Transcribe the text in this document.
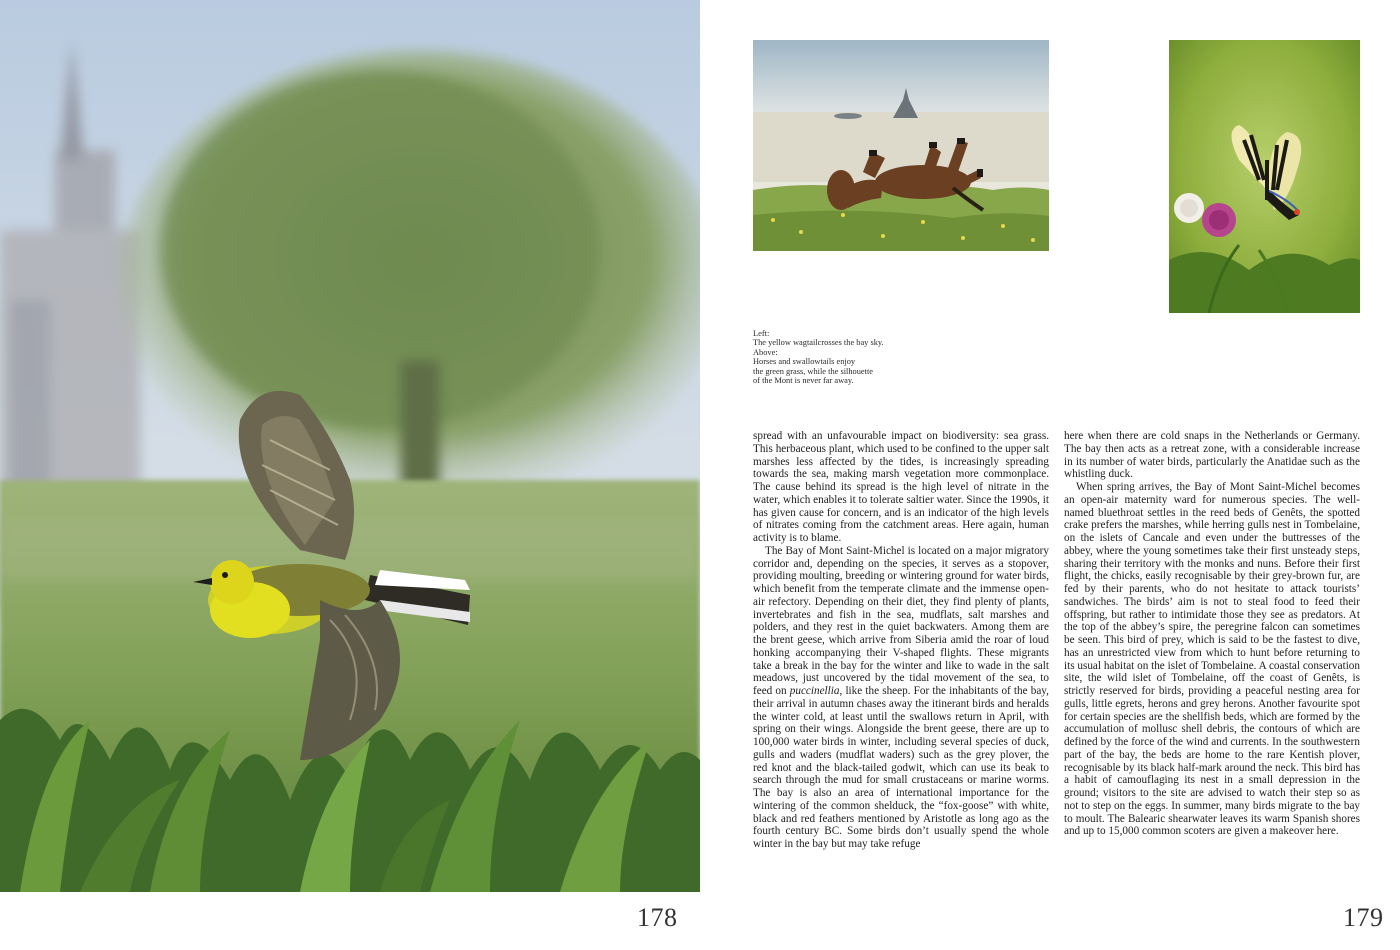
Left:
The yellow wagtailcrosses the bay sky.
Above:
Horses and swallowtails enjoy
the green grass, while the silhouette
of the Mont is never far away.

spread with an unfavourable impact on biodiversity: sea grass. This herbaceous plant, which used to be confined to the upper salt marshes less affected by the tides, is increasingly spreading towards the sea, making marsh vegetation more commonplace. The cause behind its spread is the high level of nitrate in the water, which enables it to tolerate saltier water. Since the 1990s, it has given cause for concern, and is an indicator of the high levels of nitrates coming from the catchment areas. Here again, human activity is to blame.

The Bay of Mont Saint-Michel is located on a major migratory corridor and, depending on the species, it serves as a stopover, providing moulting, breeding or wintering ground for water birds, which benefit from the temperate climate and the immense open-air refectory. Depending on their diet, they find plenty of plants, invertebrates and fish in the sea, mudflats, salt marshes and polders, and they rest in the quiet backwaters. Among them are the brent geese, which arrive from Siberia amid the roar of loud honking accompanying their V-shaped flights. These migrants take a break in the bay for the winter and like to wade in the salt meadows, just uncovered by the tidal movement of the sea, to feed on puccinellia, like the sheep. For the inhabitants of the bay, their arrival in autumn chases away the itinerant birds and heralds the winter cold, at least until the swallows return in April, with spring on their wings. Alongside the brent geese, there are up to 100,000 water birds in winter, including several species of duck, gulls and waders (mudflat waders) such as the grey plover, the red knot and the black-tailed godwit, which can use its beak to search through the mud for small crustaceans or marine worms. The bay is also an area of international importance for the wintering of the common shelduck, the “fox-goose” with white, black and red feathers mentioned by Aristotle as long ago as the fourth century BC. Some birds don’t usually spend the whole winter in the bay but may take refuge

here when there are cold snaps in the Netherlands or Germany. The bay then acts as a retreat zone, with a considerable increase in its number of water birds, particularly the Anatidae such as the whistling duck.

When spring arrives, the Bay of Mont Saint-Michel becomes an open-air maternity ward for numerous species. The well-named bluethroat settles in the reed beds of Genêts, the spotted crake prefers the marshes, while herring gulls nest in Tombelaine, on the islets of Cancale and even under the buttresses of the abbey, where the young sometimes take their first unsteady steps, sharing their territory with the monks and nuns. Before their first flight, the chicks, easily recognisable by their grey-brown fur, are fed by their parents, who do not hesitate to attack tourists’ sandwiches. The birds’ aim is not to steal food to feed their offspring, but rather to intimidate those they see as predators. At the top of the abbey’s spire, the peregrine falcon can sometimes be seen. This bird of prey, which is said to be the fastest to dive, has an unrestricted view from which to hunt before returning to its usual habitat on the islet of Tombelaine. A coastal conservation site, the wild islet of Tombelaine, off the coast of Genêts, is strictly reserved for birds, providing a peaceful nesting area for gulls, little egrets, herons and grey herons. Another favourite spot for certain species are the shellfish beds, which are formed by the accumulation of mollusc shell debris, the contours of which are defined by the force of the wind and currents. In the southwestern part of the bay, the beds are home to the rare Kentish plover, recognisable by its black half-mark around the neck. This bird has a habit of camouflaging its nest in a small depression in the ground; visitors to the site are advised to watch their step so as not to step on the eggs. In summer, many birds migrate to the bay to moult. The Balearic shearwater leaves its warm Spanish shores and up to 15,000 common scoters are given a makeover here.

178	179
